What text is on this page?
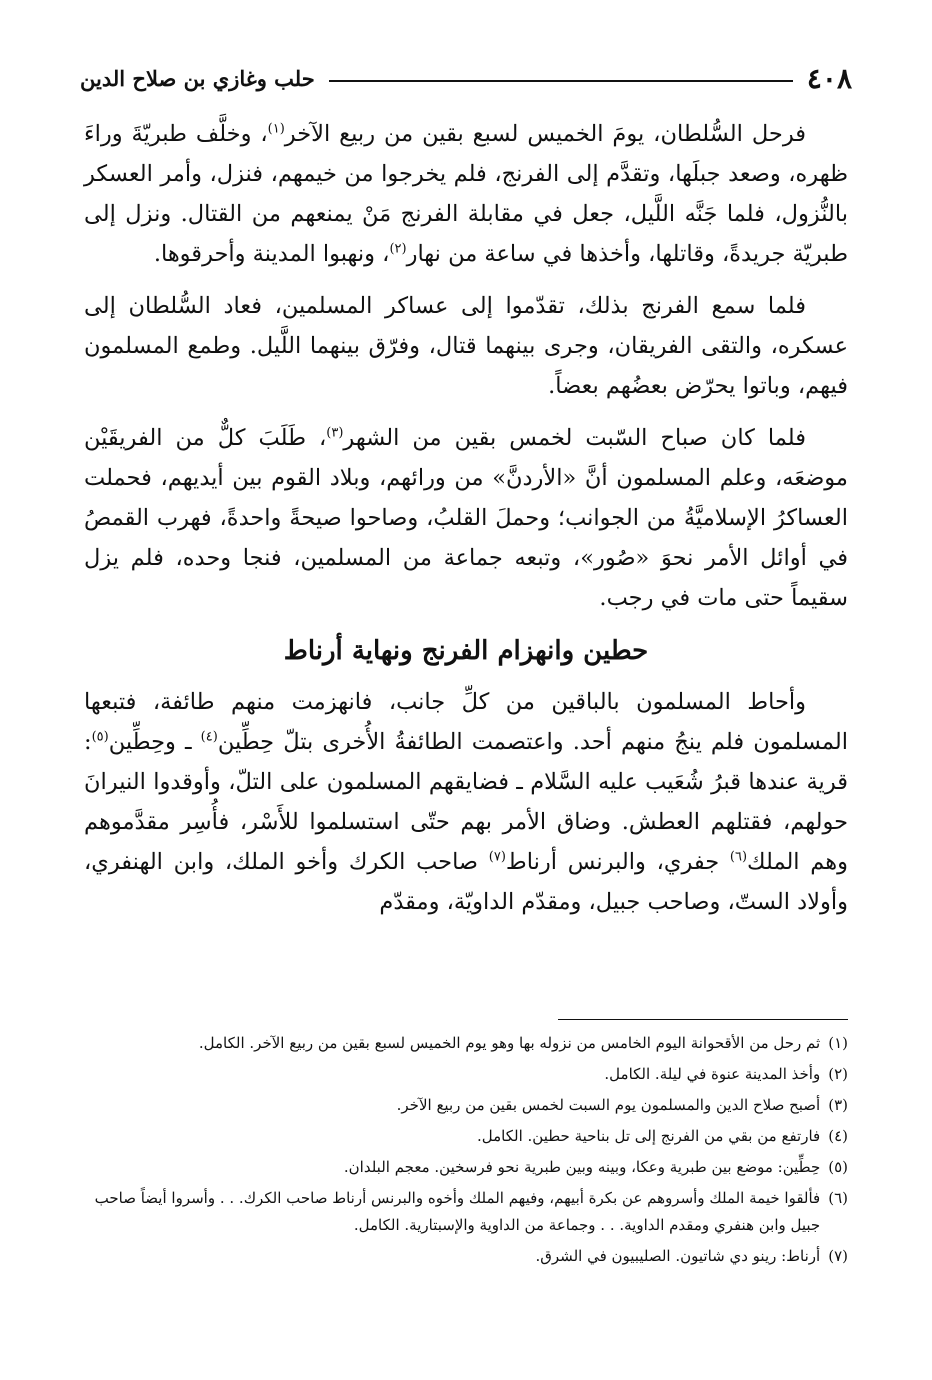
٤٠٨
حلب وغازي بن صلاح الدين

فرحل السُّلطان، يومَ الخميس لسبع بقين من ربيع الآخر$^{(١)}$، وخلَّف طبريّةَ وراءَ ظهره، وصعد جبلَها، وتقدَّم إلى الفرنج، فلم يخرجوا من خيمهم، فنزل، وأمر العسكر بالنُّزول، فلما جَنَّه اللَّيل، جعل في مقابلة الفرنج مَنْ يمنعهم من القتال. ونزل إلى طبريّة جريدةً، وقاتلها، وأخذها في ساعة من نهار$^{(٢)}$، ونهبوا المدينة وأحرقوها.

فلما سمع الفرنج بذلك، تقدّموا إلى عساكر المسلمين، فعاد السُّلطان إلى عسكره، والتقى الفريقان، وجرى بينهما قتال، وفرّق بينهما اللَّيل. وطمع المسلمون فيهم، وباتوا يحرّض بعضُهم بعضاً.

فلما كان صباح السّبت لخمس بقين من الشهر$^{(٣)}$، طَلَبَ كلٌّ من الفريقَيْن موضعَه، وعلم المسلمون أنَّ «الأردنَّ» من ورائهم، وبلاد القوم بين أيديهم، فحملت العساكرُ الإسلاميَّةُ من الجوانب؛ وحملَ القلبُ، وصاحوا صيحةً واحدةً، فهرب القمصُ في أوائل الأمر نحوَ «صُور»، وتبعه جماعة من المسلمين، فنجا وحده، فلم يزل سقيماً حتى مات في رجب.

حطين وانهزام الفرنج ونهاية أرناط

وأحاط المسلمون بالباقين من كلِّ جانب، فانهزمت منهم طائفة، فتبعها المسلمون فلم ينجُ منهم أحد. واعتصمت الطائفةُ الأُخرى بتلّ حِطِّين$^{(٤)}$ ـ وحِطِّين$^{(٥)}$: قرية عندها قبرُ شُعَيب عليه السَّلام ـ فضايقهم المسلمون على التلّ، وأوقدوا النيرانَ حولهم، فقتلهم العطش. وضاق الأمر بهم حتّى استسلموا للأَسْر، فأُسِر مقدَّموهم وهم الملك$^{(٦)}$ جفري، والبرنس أرناط$^{(٧)}$ صاحب الكرك وأخو الملك، وابن الهنفري، وأولاد الستّ، وصاحب جبيل، ومقدّم الداويّة، ومقدّم

(١)
ثم رحل من الأقحوانة اليوم الخامس من نزوله بها وهو يوم الخميس لسبع بقين من ربيع الآخر. الكامل.
(٢)
وأخذ المدينة عنوة في ليلة. الكامل.
(٣)
أصبح صلاح الدين والمسلمون يوم السبت لخمس بقين من ربيع الآخر.
(٤)
فارتفع من بقي من الفرنج إلى تل بناحية حطين. الكامل.
(٥)
حِطِّين: موضع بين طبرية وعكا، وبينه وبين طبرية نحو فرسخين. معجم البلدان.
(٦)
فألقوا خيمة الملك وأسروهم عن بكرة أبيهم، وفيهم الملك وأخوه والبرنس أرناط صاحب الكرك. . . وأسروا أيضاً صاحب جبيل وابن هنفري ومقدم الداوية. . . وجماعة من الداوية والإسبتارية. الكامل.
(٧)
أرناط: رينو دي شاتيون. الصليبيون في الشرق.
